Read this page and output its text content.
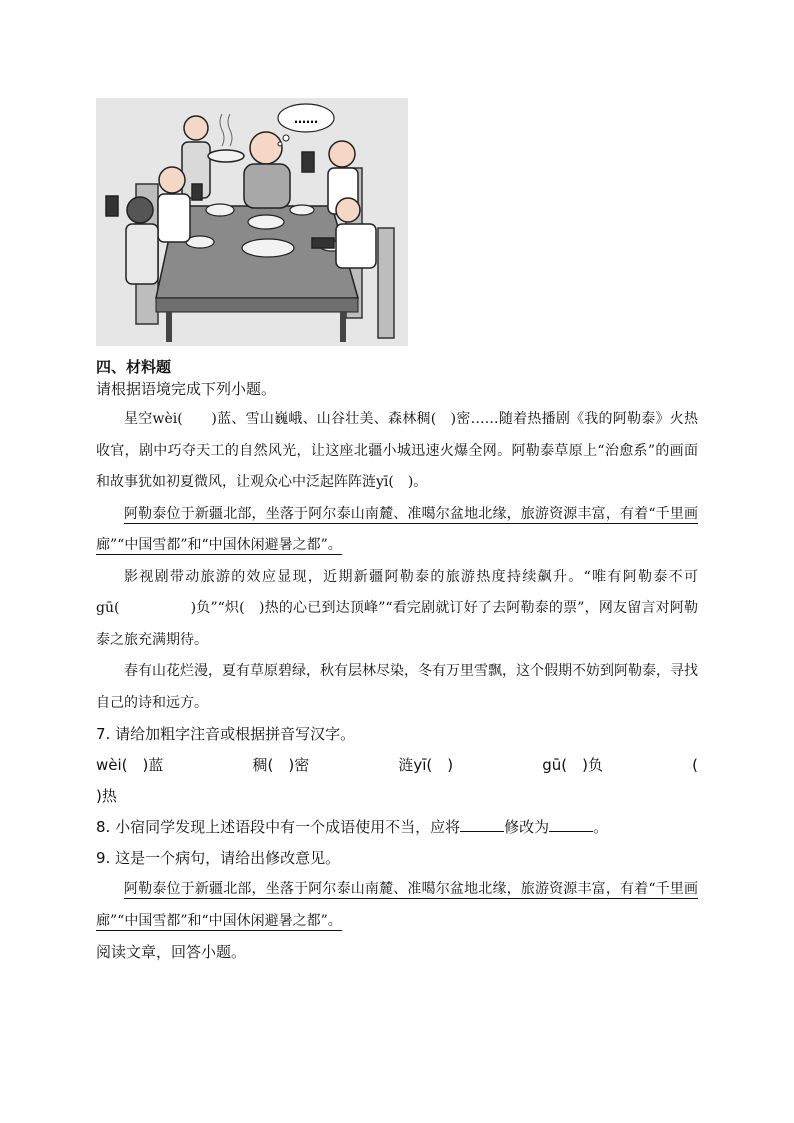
……

四、材料题

请根据语境完成下列小题。

星空wèi(　　)蓝、雪山巍峨、山谷壮美、森林稠(　)密……随着热播剧《我的阿勒泰》火热收官，剧中巧夺天工的自然风光，让这座北疆小城迅速火爆全网。阿勒泰草原上“治愈系”的画面和故事犹如初夏微风，让观众心中泛起阵阵涟yī(　)。

阿勒泰位于新疆北部，坐落于阿尔泰山南麓、准噶尔盆地北缘，旅游资源丰富，有着“千里画廊”“中国雪都”和“中国休闲避暑之都”。

影视剧带动旅游的效应显现，近期新疆阿勒泰的旅游热度持续飙升。“唯有阿勒泰不可gū(　　　　　)负”“炽(　)热的心已到达顶峰”“看完剧就订好了去阿勒泰的票”，网友留言对阿勒泰之旅充满期待。

春有山花烂漫，夏有草原碧绿，秋有层林尽染，冬有万里雪飘，这个假期不妨到阿勒泰，寻找自己的诗和远方。

7. 请给加粗字注音或根据拼音写汉字。

wèi(　)蓝	稠(　)密	涟yī(　)	gū(　)负	(

)热

8. 小宿同学发现上述语段中有一个成语使用不当，应将	修改为	。

9. 这是一个病句，请给出修改意见。

阿勒泰位于新疆北部，坐落于阿尔泰山南麓、准噶尔盆地北缘，旅游资源丰富，有着“千里画廊”“中国雪都”和“中国休闲避暑之都”。

阅读文章，回答小题。
